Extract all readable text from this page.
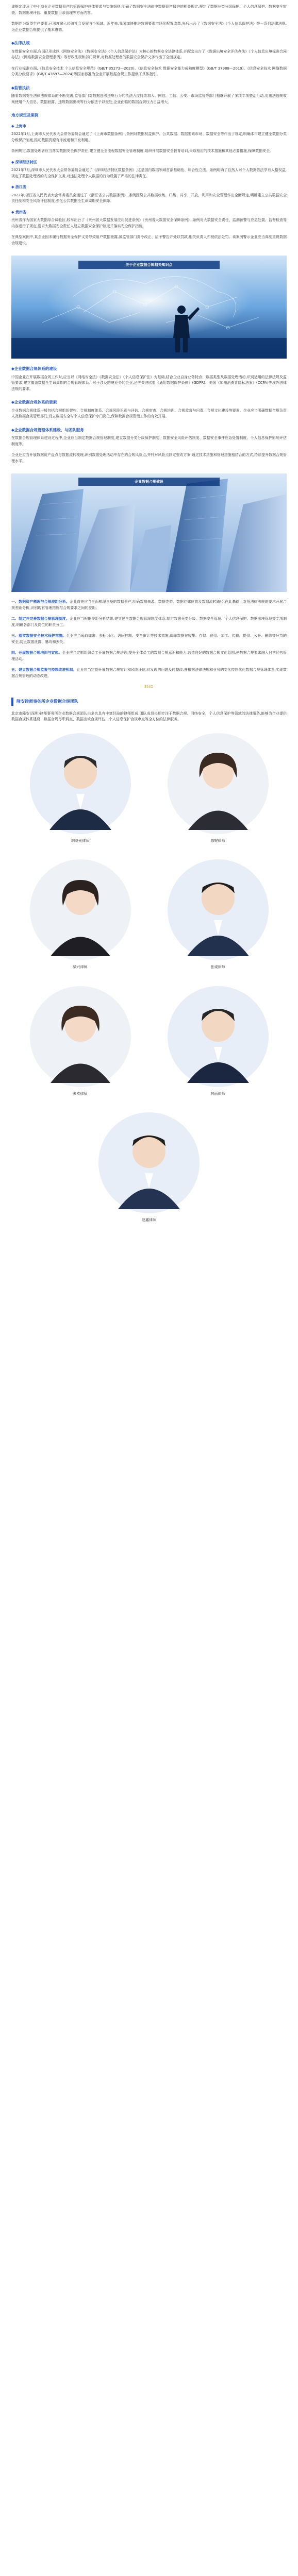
该规定涉及了中小商业企业数据资产的管理保护总体要求与实施细则,明确了数据安全法律中数据资产保护的相关规定,规定了数据分类分级保护、个人信息保护、数据安全审查、数据出境评估、重要数据目录管理等方面内容。

数据作为新型生产要素,已深度融入经济社会发展各个领域。近年来,我国加快推进数据要素市场化配置改革,先后出台了《数据安全法》《个人信息保护法》等一系列法律法规,为企业数据合规提供了基本遵循。

◆法律法规

在数据安全方面,我国已形成以《网络安全法》《数据安全法》《个人信息保护法》为核心的数据安全法律体系,并配套出台了《数据出境安全评估办法》《个人信息出境标准合同办法》《网络数据安全管理条例》等行政法规和部门规章,对数据处理者的数据安全保护义务作出了全面规定。

在行业标准方面,《信息安全技术 个人信息安全规范》(GB/T 35273—2020)、《信息安全技术 数据安全能力成熟度模型》(GB/T 37988—2019)、《信息安全技术 网络数据分类分级要求》(GB/T 43697—2024)等国家标准为企业开展数据合规工作提供了具体指引。

◆监管执法

随着数据安全法律法规体系的不断完善,监管部门对数据违法违规行为的执法力度持续加大。网信、工信、公安、市场监管等部门相继开展了多项专项整治行动,对违法违规收集使用个人信息、数据泄露、违规数据出境等行为依法予以查处,企业面临的数据合规压力日益增大。

地方规定及案例
◆ 上海市

2022年1月,上海市人民代表大会常务委员会通过了《上海市数据条例》,条例对数据权益保护、公共数据、数据要素市场、数据安全等作出了规定,明确本市建立健全数据分类分级保护制度,推动数据资源有序流通和开发利用。

条例规定,数据处理者应当落实数据安全保护责任,建立健全全流程数据安全管理制度,组织开展数据安全教育培训,采取相应的技术措施和其他必要措施,保障数据安全。

◆ 深圳经济特区

2021年7月,深圳市人民代表大会常务委员会通过了《深圳经济特区数据条例》,这是国内数据领域首部基础性、综合性立法。条例明确了自然人对个人数据依法享有人格权益,规定了数据处理者的安全保护义务,对违法处理个人数据的行为设置了严格的法律责任。

◆ 浙江省

2022年,浙江省人民代表大会常务委员会通过了《浙江省公共数据条例》,条例围绕公共数据收集、归集、共享、开放、利用和安全管理作出全面规定,明确建立公共数据安全责任制和安全风险评估制度,强化公共数据全生命周期安全保障。

◆ 贵州省

贵州省作为国家大数据综合试验区,较早出台了《贵州省大数据发展应用促进条例》《贵州省大数据安全保障条例》,条例对大数据安全责任、监测预警与应急处置、监督检查等内容进行了规定,要求大数据安全责任人建立数据安全保护制度并落实安全保护措施。

在典型案例中,某企业因未履行数据安全保护义务导致用户数据泄露,被监管部门责令改正、给予警告并处以罚款,相关负责人亦被依法处罚。该案例警示企业应当高度重视数据合规建设。

关于企业数据合规相关知识点
◆企业数据合规体系的建设

中国企业在开展数据合规工作时,应当以《网络安全法》《数据安全法》《个人信息保护法》为基础,结合企业自身业务特点、数据类型及数据处理活动,识别适用的法律法规及监管要求,建立覆盖数据全生命周期的合规管理体系。对于涉及跨境业务的企业,还应关注欧盟《通用数据保护条例》(GDPR)、美国《加州消费者隐私法案》(CCPA)等境外法律法规的要求。

◆企业数据合规体系的要素

企业数据合规体系一般包括合规组织架构、合规制度体系、合规风险识别与评估、合规审查、合规培训、合规监督与问责、合规文化建设等要素。企业应当明确数据合规负责人及数据合规管理部门,设立数据安全与个人信息保护专门岗位,保障数据合规管理工作的有效开展。

◆企业数据合规管理体系建设、与团队服务

在数据合规管理体系建设过程中,企业应当制定数据合规管理制度,建立数据分类分级保护制度、数据安全风险评估制度、数据安全事件应急处置制度、个人信息保护影响评估制度等。

企业还应当开展数据资产盘点与数据流转梳理,识别数据处理活动中存在的合规风险点,并针对风险点制定整改方案,通过技术措施和管理措施相结合的方式,持续提升数据合规管理水平。

企业数据合规建设

一、数据资产梳理与合规差距分析。企业首先应当全面梳理自身的数据资产,明确数据来源、数据类型、数据存储位置及数据流转路径,在此基础上对照法律法规的要求开展合规差距分析,识别现有管理措施与合规要求之间的差距。

二、制定并完善数据合规管理制度。企业应当根据差距分析结果,建立健全数据合规管理制度体系,制定数据分类分级、数据安全管理、个人信息保护、数据出境管理等专项制度,明确各部门及岗位的职责分工。

三、落实数据安全技术保护措施。企业应当采取加密、去标识化、访问控制、安全审计等技术措施,保障数据在收集、存储、使用、加工、传输、提供、公开、删除等环节的安全,防止数据泄露、篡改和丢失。

四、开展数据合规培训与宣传。企业应当定期组织员工开展数据合规培训,提升全体员工的数据合规意识和能力,营造良好的数据合规文化氛围,使数据合规要求融入日常经营管理活动。

五、建立数据合规监督与持续改进机制。企业应当定期开展数据合规审计和风险评估,对发现的问题及时整改,并根据法律法规和业务的变化持续优化数据合规管理体系,实现数据合规管理的动态改进。

END
隆安律师事务所企业数据合规团队

北京市隆安(深圳)律师事务所企业数据合规团队由多名具有丰富经验的律师组成,团队成员长期专注于数据合规、网络安全、个人信息保护等领域的法律服务,能够为企业提供数据合规体系建设、数据合规尽职调查、数据出境合规评估、个人信息保护合规审查等全方位的法律服务。

胡晓光律师	陈婉律师
梁兴律师	张诚律师
朱欢律师	林雨律师
赵鑫律师
